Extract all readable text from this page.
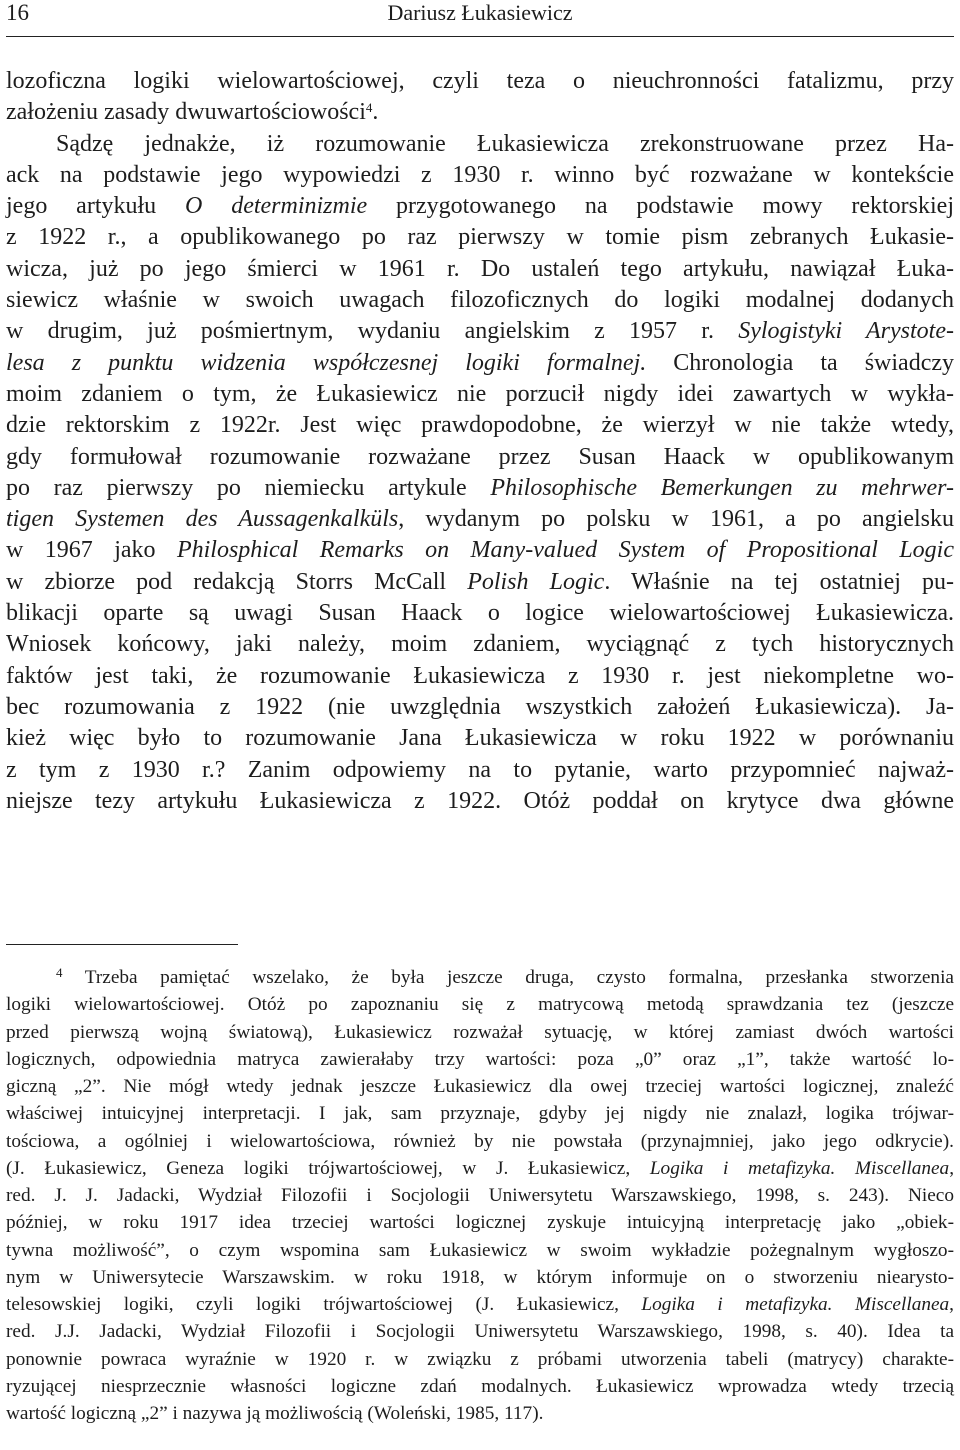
16	Dariusz Łukasiewicz
lozoficzna logiki wielowartościowej, czyli teza o nieuchronności fatalizmu, przy
założeniu zasady dwuwartościowości$^4$.
Sądzę jednakże, iż rozumowanie Łukasiewicza zrekonstruowane przez Ha-
ack na podstawie jego wypowiedzi z 1930 r. winno być rozważane w kontekście
jego artykułu O determinizmie przygotowanego na podstawie mowy rektorskiej
z 1922 r., a opublikowanego po raz pierwszy w tomie pism zebranych Łukasie-
wicza, już po jego śmierci w 1961 r. Do ustaleń tego artykułu, nawiązał Łuka-
siewicz właśnie w swoich uwagach filozoficznych do logiki modalnej dodanych
w drugim, już pośmiertnym, wydaniu angielskim z 1957 r. Sylogistyki Arystote-
lesa z punktu widzenia współczesnej logiki formalnej. Chronologia ta świadczy
moim zdaniem o tym, że Łukasiewicz nie porzucił nigdy idei zawartych w wykła-
dzie rektorskim z 1922r. Jest więc prawdopodobne, że wierzył w nie także wtedy,
gdy formułował rozumowanie rozważane przez Susan Haack w opublikowanym
po raz pierwszy po niemiecku artykule Philosophische Bemerkungen zu mehrwer-
tigen Systemen des Aussagenkalküls, wydanym po polsku w 1961, a po angielsku
w 1967 jako Philosphical Remarks on Many-valued System of Propositional Logic
w zbiorze pod redakcją Storrs McCall Polish Logic. Właśnie na tej ostatniej pu-
blikacji oparte są uwagi Susan Haack o logice wielowartościowej Łukasiewicza.
Wniosek końcowy, jaki należy, moim zdaniem, wyciągnąć z tych historycznych
faktów jest taki, że rozumowanie Łukasiewicza z 1930 r. jest niekompletne wo-
bec rozumowania z 1922 (nie uwzględnia wszystkich założeń Łukasiewicza). Ja-
kież więc było to rozumowanie Jana Łukasiewicza w roku 1922 w porównaniu
z tym z 1930 r.? Zanim odpowiemy na to pytanie, warto przypomnieć najważ-
niejsze tezy artykułu Łukasiewicza z 1922. Otóż poddał on krytyce dwa główne
$^4$ Trzeba pamiętać wszelako, że była jeszcze druga, czysto formalna, przesłanka stworzenia
logiki wielowartościowej. Otóż po zapoznaniu się z matrycową metodą sprawdzania tez (jeszcze
przed pierwszą wojną światową), Łukasiewicz rozważał sytuację, w której zamiast dwóch wartości
logicznych, odpowiednia matryca zawierałaby trzy wartości: poza „0” oraz „1”, także wartość lo-
giczną „2”. Nie mógł wtedy jednak jeszcze Łukasiewicz dla owej trzeciej wartości logicznej, znaleźć
właściwej intuicyjnej interpretacji. I jak, sam przyznaje, gdyby jej nigdy nie znalazł, logika trójwar-
tościowa, a ogólniej i wielowartościowa, również by nie powstała (przynajmniej, jako jego odkrycie).
(J. Łukasiewicz, Geneza logiki trójwartościowej, w J. Łukasiewicz, Logika i metafizyka. Miscellanea,
red. J. J. Jadacki, Wydział Filozofii i Socjologii Uniwersytetu Warszawskiego, 1998, s. 243). Nieco
później, w roku 1917 idea trzeciej wartości logicznej zyskuje intuicyjną interpretację jako „obiek-
tywna możliwość”, o czym wspomina sam Łukasiewicz w swoim wykładzie pożegnalnym wygłoszo-
nym w Uniwersytecie Warszawskim. w roku 1918, w którym informuje on o stworzeniu niearysto-
telesowskiej logiki, czyli logiki trójwartościowej (J. Łukasiewicz, Logika i metafizyka. Miscellanea,
red. J.J. Jadacki, Wydział Filozofii i Socjologii Uniwersytetu Warszawskiego, 1998, s. 40). Idea ta
ponownie powraca wyraźnie w 1920 r. w związku z próbami utworzenia tabeli (matrycy) charakte-
ryzującej niesprzecznie własności logiczne zdań modalnych. Łukasiewicz wprowadza wtedy trzecią
wartość logiczną „2” i nazywa ją możliwością (Woleński, 1985, 117).
